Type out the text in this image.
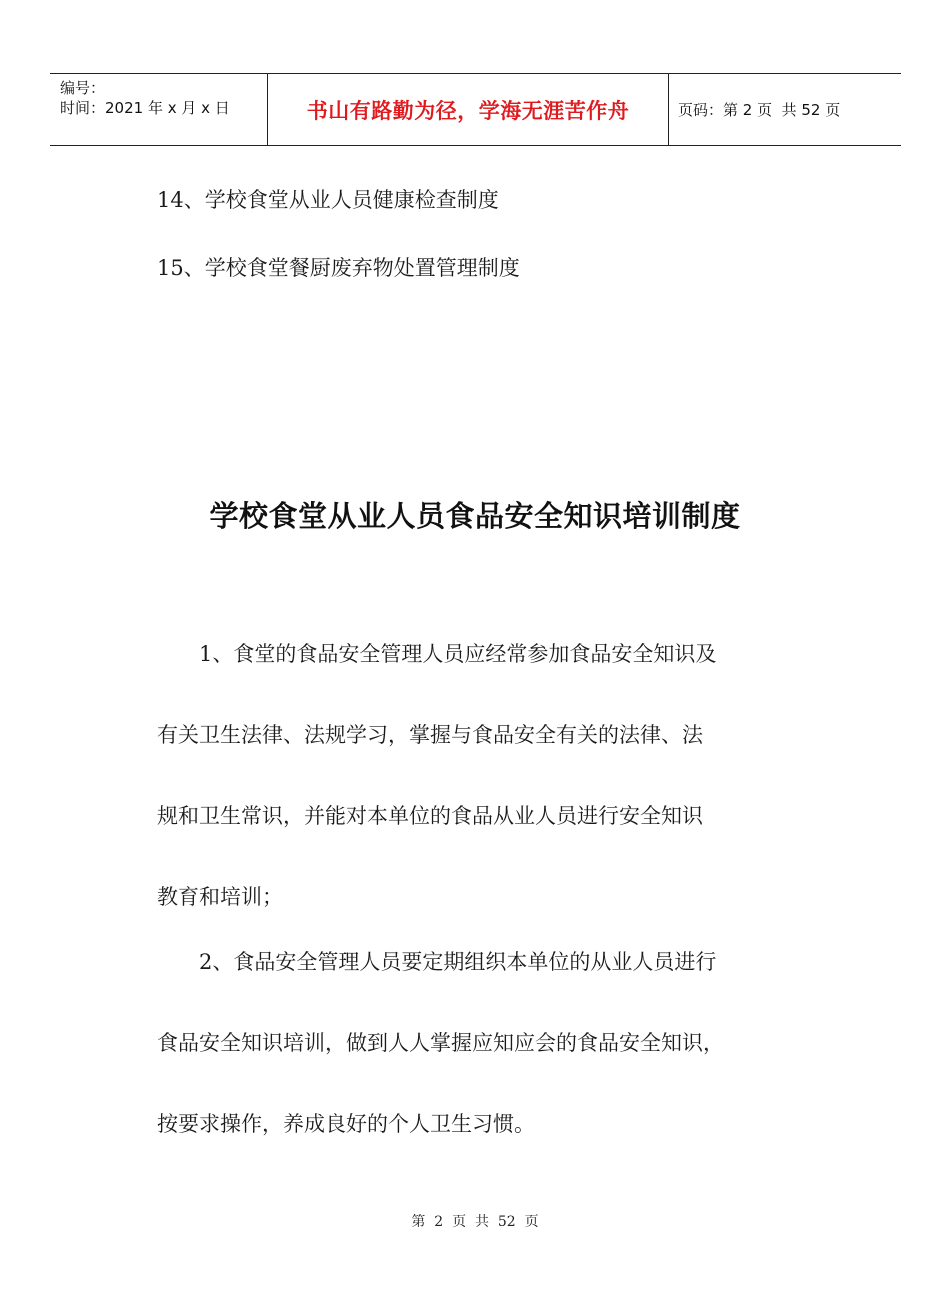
编号：
时间：2021 年 x 月 x 日	书山有路勤为径，学海无涯苦作舟	页码：第 2 页  共 52 页
14、学校食堂从业人员健康检查制度
15、学校食堂餐厨废弃物处置管理制度
学校食堂从业人员食品安全知识培训制度
1、食堂的食品安全管理人员应经常参加食品安全知识及
有关卫生法律、法规学习，掌握与食品安全有关的法律、法
规和卫生常识，并能对本单位的食品从业人员进行安全知识
教育和培训；
2、食品安全管理人员要定期组织本单位的从业人员进行
食品安全知识培训，做到人人掌握应知应会的食品安全知识，
按要求操作，养成良好的个人卫生习惯。
第  2  页  共  52  页
